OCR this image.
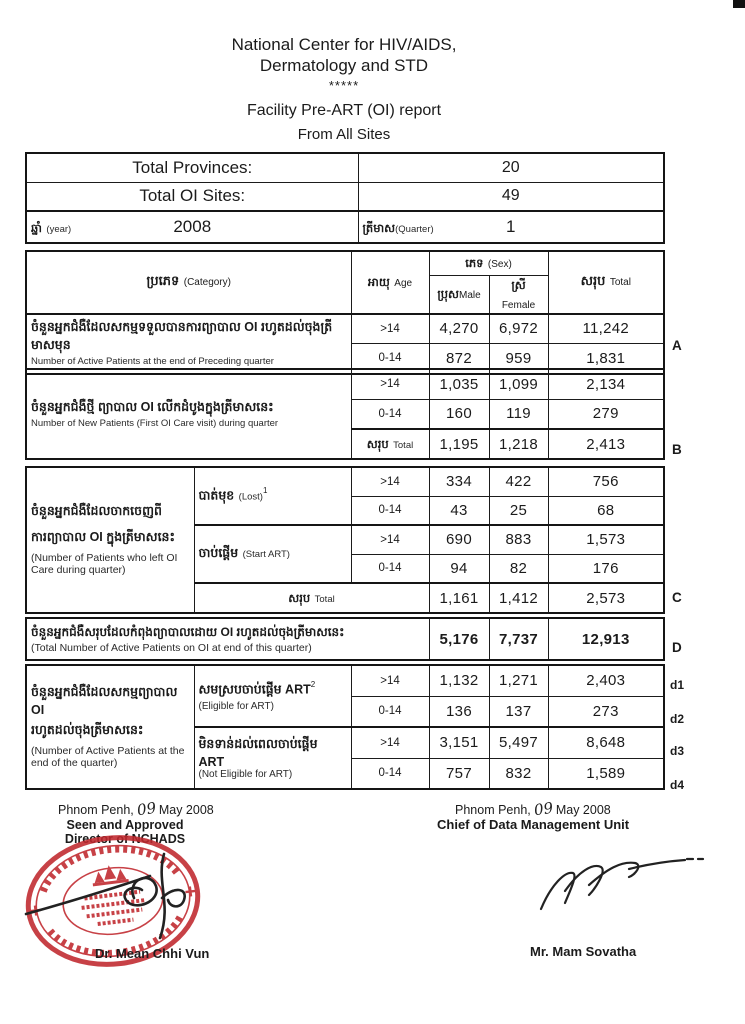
National Center for HIV/AIDS,
Dermatology and STD
*****
Facility Pre-ART (OI) report
From All Sites
Total Provinces:	20
Total OI Sites:	49

ឆ្នាំ (year) 2008	ត្រីមាស(Quarter) 1
ប្រភេទ (Category)	អាយុ Age	ភេទ (Sex)		សរុប Total
		ប្រុសMale	ស្រី Female	

ចំនួនអ្នកជំងឺដែលសកម្មទទួលបានការព្យាបាល OI រហូតដល់ចុងត្រីមាសមុន
Number of Active Patients at the end of Preceding quarter	>14	4,270	6,972	11,242
	0-14	872	959	1,831
A
ចំនួនអ្នកជំងឺថ្មី ព្យាបាល OI លើកដំបូងក្នុងត្រីមាសនេះ
Number of New Patients (First OI Care visit) during quarter	>14	1,035	1,099	2,134
	0-14	160	119	279
	សរុប Total	1,195	1,218	2,413	B
ចំនួនអ្នកជំងឺដែលចាកចេញពី
ការព្យាបាល OI ក្នុងត្រីមាសនេះ
(Number of Patients who left OI Care during quarter)	បាត់មុខ (Lost)$^1$	>14	334	422	756
		0-14	43	25	68
	ចាប់ផ្ដើម (Start ART)	>14	690	883	1,573
		0-14	94	82	176
	សរុប Total		1,161	1,412	2,573	C
ចំនួនអ្នកជំងឺសរុបដែលកំពុងព្យាបាលដោយ OI រហូតដល់ចុងត្រីមាសនេះ
(Total Number of Active Patients on OI at end of this quarter)
	5,176	7,737	12,913	D
ចំនួនអ្នកជំងឺដែលសកម្មព្យាបាល OI
រហូតដល់ចុងត្រីមាសនេះ
(Number of Active Patients at the end of the quarter)

សមស្របចាប់ផ្ដើម ART$^2$
(Eligible for ART)
	>14	1,132	1,271	2,403
		0-14	136	137	273

	មិនទាន់ដល់ពេលចាប់ផ្ដើម ART
(Not Eligible for ART)	>14	3,151	5,497	8,648
		0-14	757	832	1,589
d1
d2
d3
d4
Phnom Penh, 09 May 2008
Seen and Approved
Director of NCHADS
Dr. Mean Chhi Vun
Phnom Penh, 09 May 2008
Chief of Data Management Unit
Mr. Mam Sovatha
